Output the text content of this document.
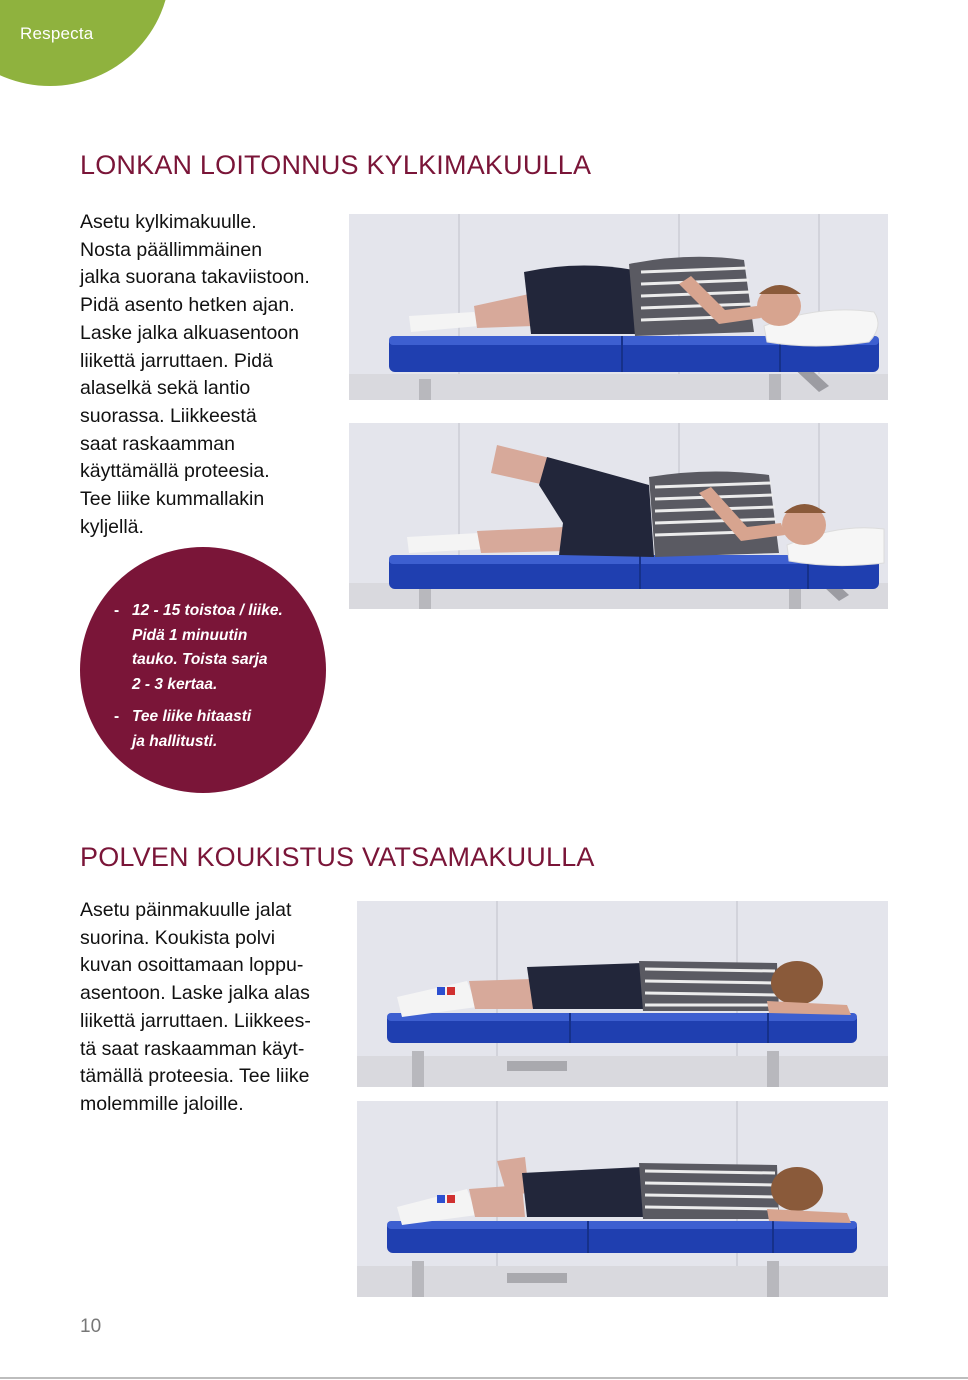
Respecta
LONKAN LOITONNUS KYLKIMAKUULLA

Asetu kylkimakuulle.
Nosta päällimmäinen
jalka suorana takaviistoon.
Pidä asento hetken ajan.
Laske jalka alkuasentoon
liikettä jarruttaen. Pidä
alaselkä sekä lantio
suorassa. Liikkeestä
saat raskaamman
käyttämällä proteesia.
Tee liike kummallakin
kyljellä.

- 12 - 15 toistoa / liike.
Pidä 1 minuutin
tauko. Toista sarja
2 - 3 kertaa.
- Tee liike hitaasti
ja hallitusti.
POLVEN KOUKISTUS VATSAMAKUULLA

Asetu päinmakuulle jalat
suorina. Koukista polvi
kuvan osoittamaan loppu-
asentoon. Laske jalka alas
liikettä jarruttaen. Liikkees-
tä saat raskaamman käyt-
tämällä proteesia. Tee liike
molemmille jaloille.

10
